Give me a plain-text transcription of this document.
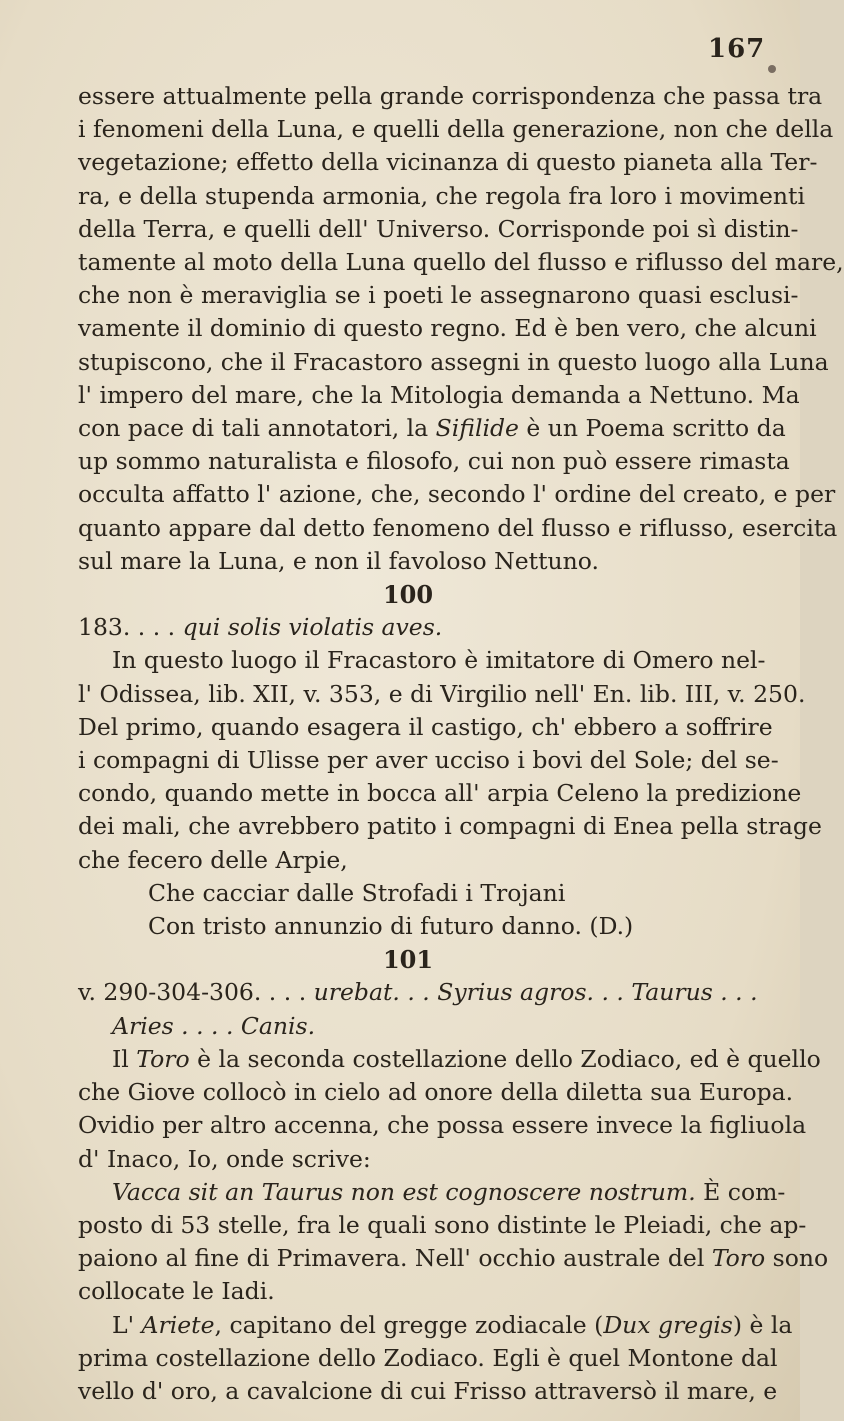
167
essere attualmente pella grande corrispondenza che passa tra
i fenomeni della Luna, e quelli della generazione, non che della
vegetazione; effetto della vicinanza di questo pianeta alla Ter-
ra, e della stupenda armonia, che regola fra loro i movimenti
della Terra, e quelli dell' Universo. Corrisponde poi sì distin-
tamente al moto della Luna quello del flusso e riflusso del mare,
che non è meraviglia se i poeti le assegnarono quasi esclusi-
vamente il dominio di questo regno. Ed è ben vero, che alcuni
stupiscono, che il Fracastoro assegni in questo luogo alla Luna
l' impero del mare, che la Mitologia demanda a Nettuno. Ma
con pace di tali annotatori, la Sifilide è un Poema scritto da
up sommo naturalista e filosofo, cui non può essere rimasta
occulta affatto l' azione, che, secondo l' ordine del creato, e per
quanto appare dal detto fenomeno del flusso e riflusso, esercita
sul mare la Luna, e non il favoloso Nettuno.
100
183. . . . qui solis violatis aves.
In questo luogo il Fracastoro è imitatore di Omero nel-
l' Odissea, lib. XII, v. 353, e di Virgilio nell' En. lib. III, v. 250.
Del primo, quando esagera il castigo, ch' ebbero a soffrire
i compagni di Ulisse per aver ucciso i bovi del Sole; del se-
condo, quando mette in bocca all' arpia Celeno la predizione
dei mali, che avrebbero patito i compagni di Enea pella strage
che fecero delle Arpie,
Che cacciar dalle Strofadi i Trojani
Con tristo annunzio di futuro danno. (D.)
101
v. 290-304-306. . . . urebat. . . Syrius agros. . . Taurus . . .
Aries . . . . Canis.
Il Toro è la seconda costellazione dello Zodiaco, ed è quello
che Giove collocò in cielo ad onore della diletta sua Europa.
Ovidio per altro accenna, che possa essere invece la figliuola
d' Inaco, Io, onde scrive:
Vacca sit an Taurus non est cognoscere nostrum. È com-
posto di 53 stelle, fra le quali sono distinte le Pleiadi, che ap-
paiono al fine di Primavera. Nell' occhio australe del Toro sono
collocate le Iadi.
L' Ariete, capitano del gregge zodiacale (Dux gregis) è la
prima costellazione dello Zodiaco. Egli è quel Montone dal
vello d' oro, a cavalcione di cui Frisso attraversò il mare, e
